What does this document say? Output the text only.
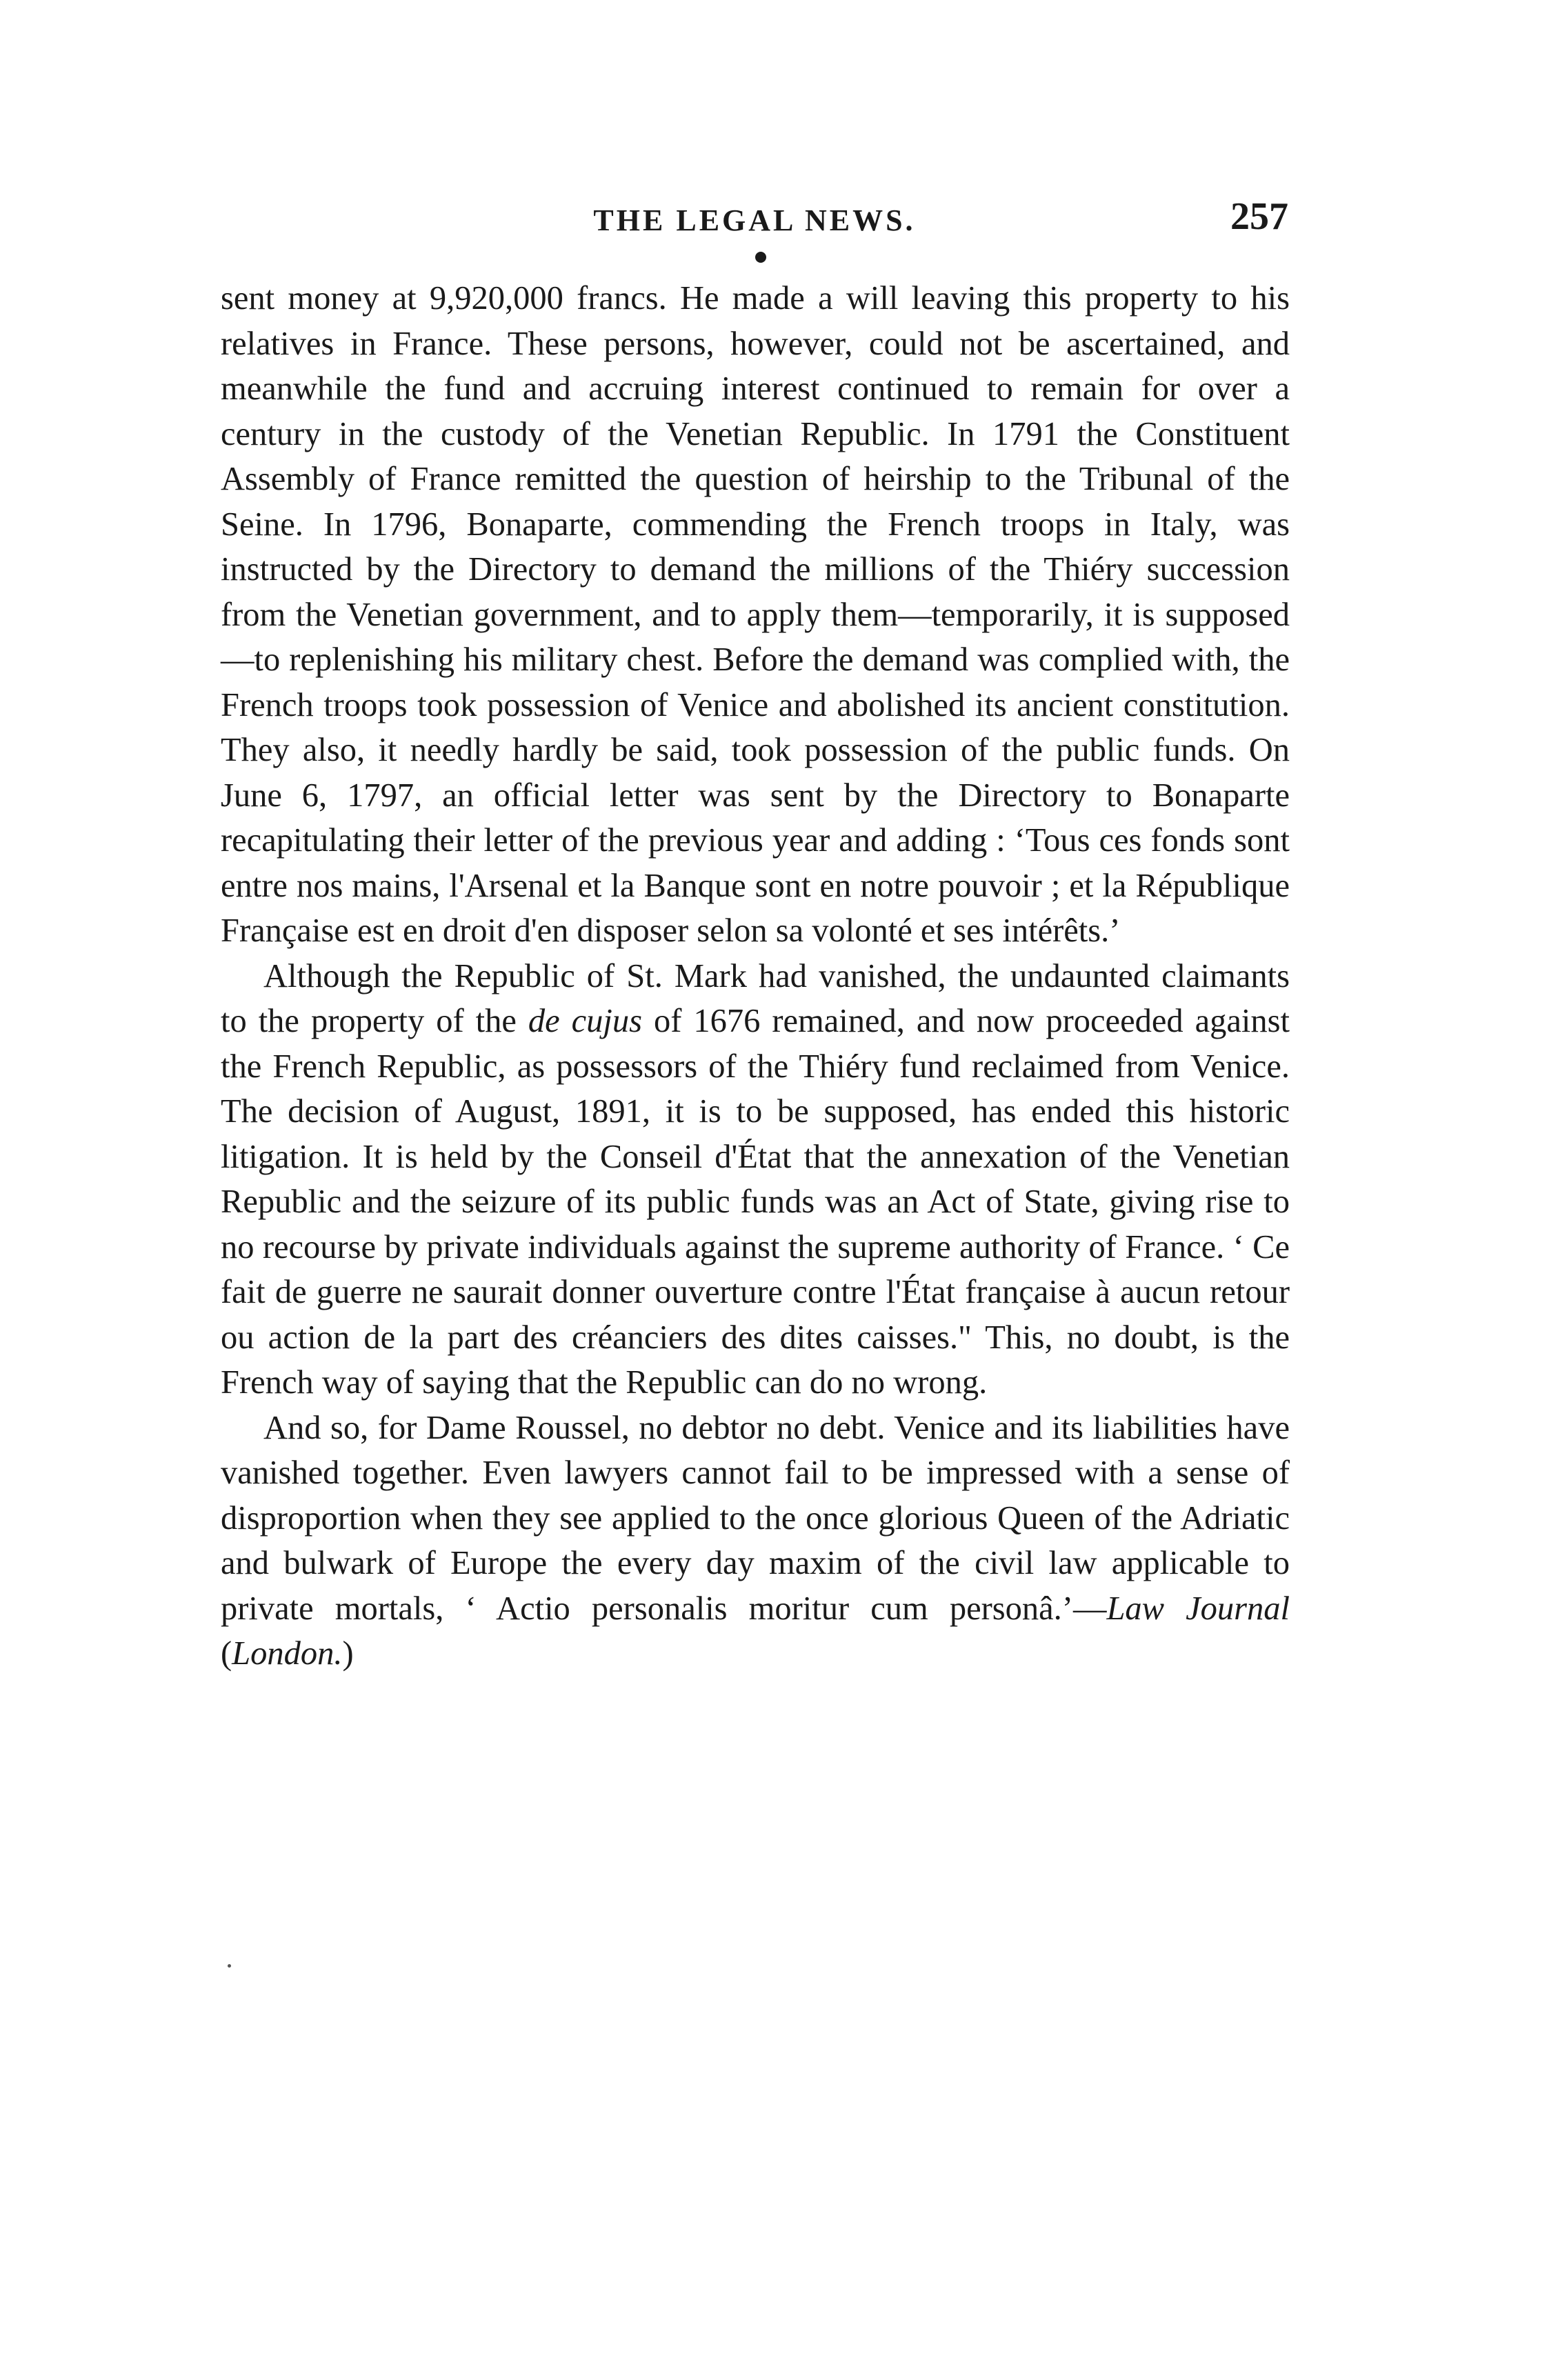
THE LEGAL NEWS.	257

sent money at 9,920,000 francs. He made a will leaving this property to his relatives in France. These persons, however, could not be ascertained, and meanwhile the fund and accruing interest continued to remain for over a century in the custody of the Venetian Republic. In 1791 the Constituent Assembly of France remitted the question of heirship to the Tribunal of the Seine. In 1796, Bonaparte, commending the French troops in Italy, was instructed by the Directory to demand the millions of the Thiéry succession from the Venetian government, and to apply them—temporarily, it is supposed—to replenishing his military chest. Before the demand was complied with, the French troops took possession of Venice and abolished its ancient constitution. They also, it needly hardly be said, took possession of the public funds. On June 6, 1797, an official letter was sent by the Directory to Bonaparte recapitulating their letter of the previous year and adding : ‘Tous ces fonds sont entre nos mains, l'Arsenal et la Banque sont en notre pouvoir ; et la République Française est en droit d'en disposer selon sa volonté et ses intérêts.’

Although the Republic of St. Mark had vanished, the undaunted claimants to the property of the de cujus of 1676 remained, and now proceeded against the French Republic, as possessors of the Thiéry fund reclaimed from Venice. The decision of August, 1891, it is to be supposed, has ended this historic litigation. It is held by the Conseil d'État that the annexation of the Venetian Republic and the seizure of its public funds was an Act of State, giving rise to no recourse by private individuals against the supreme authority of France. ‘ Ce fait de guerre ne saurait donner ouverture contre l'État française à aucun retour ou action de la part des créanciers des dites caisses." This, no doubt, is the French way of saying that the Republic can do no wrong.

And so, for Dame Roussel, no debtor no debt. Venice and its liabilities have vanished together. Even lawyers cannot fail to be impressed with a sense of disproportion when they see applied to the once glorious Queen of the Adriatic and bulwark of Europe the every day maxim of the civil law applicable to private mortals, ‘ Actio personalis moritur cum personâ.’—Law Journal (London.)
